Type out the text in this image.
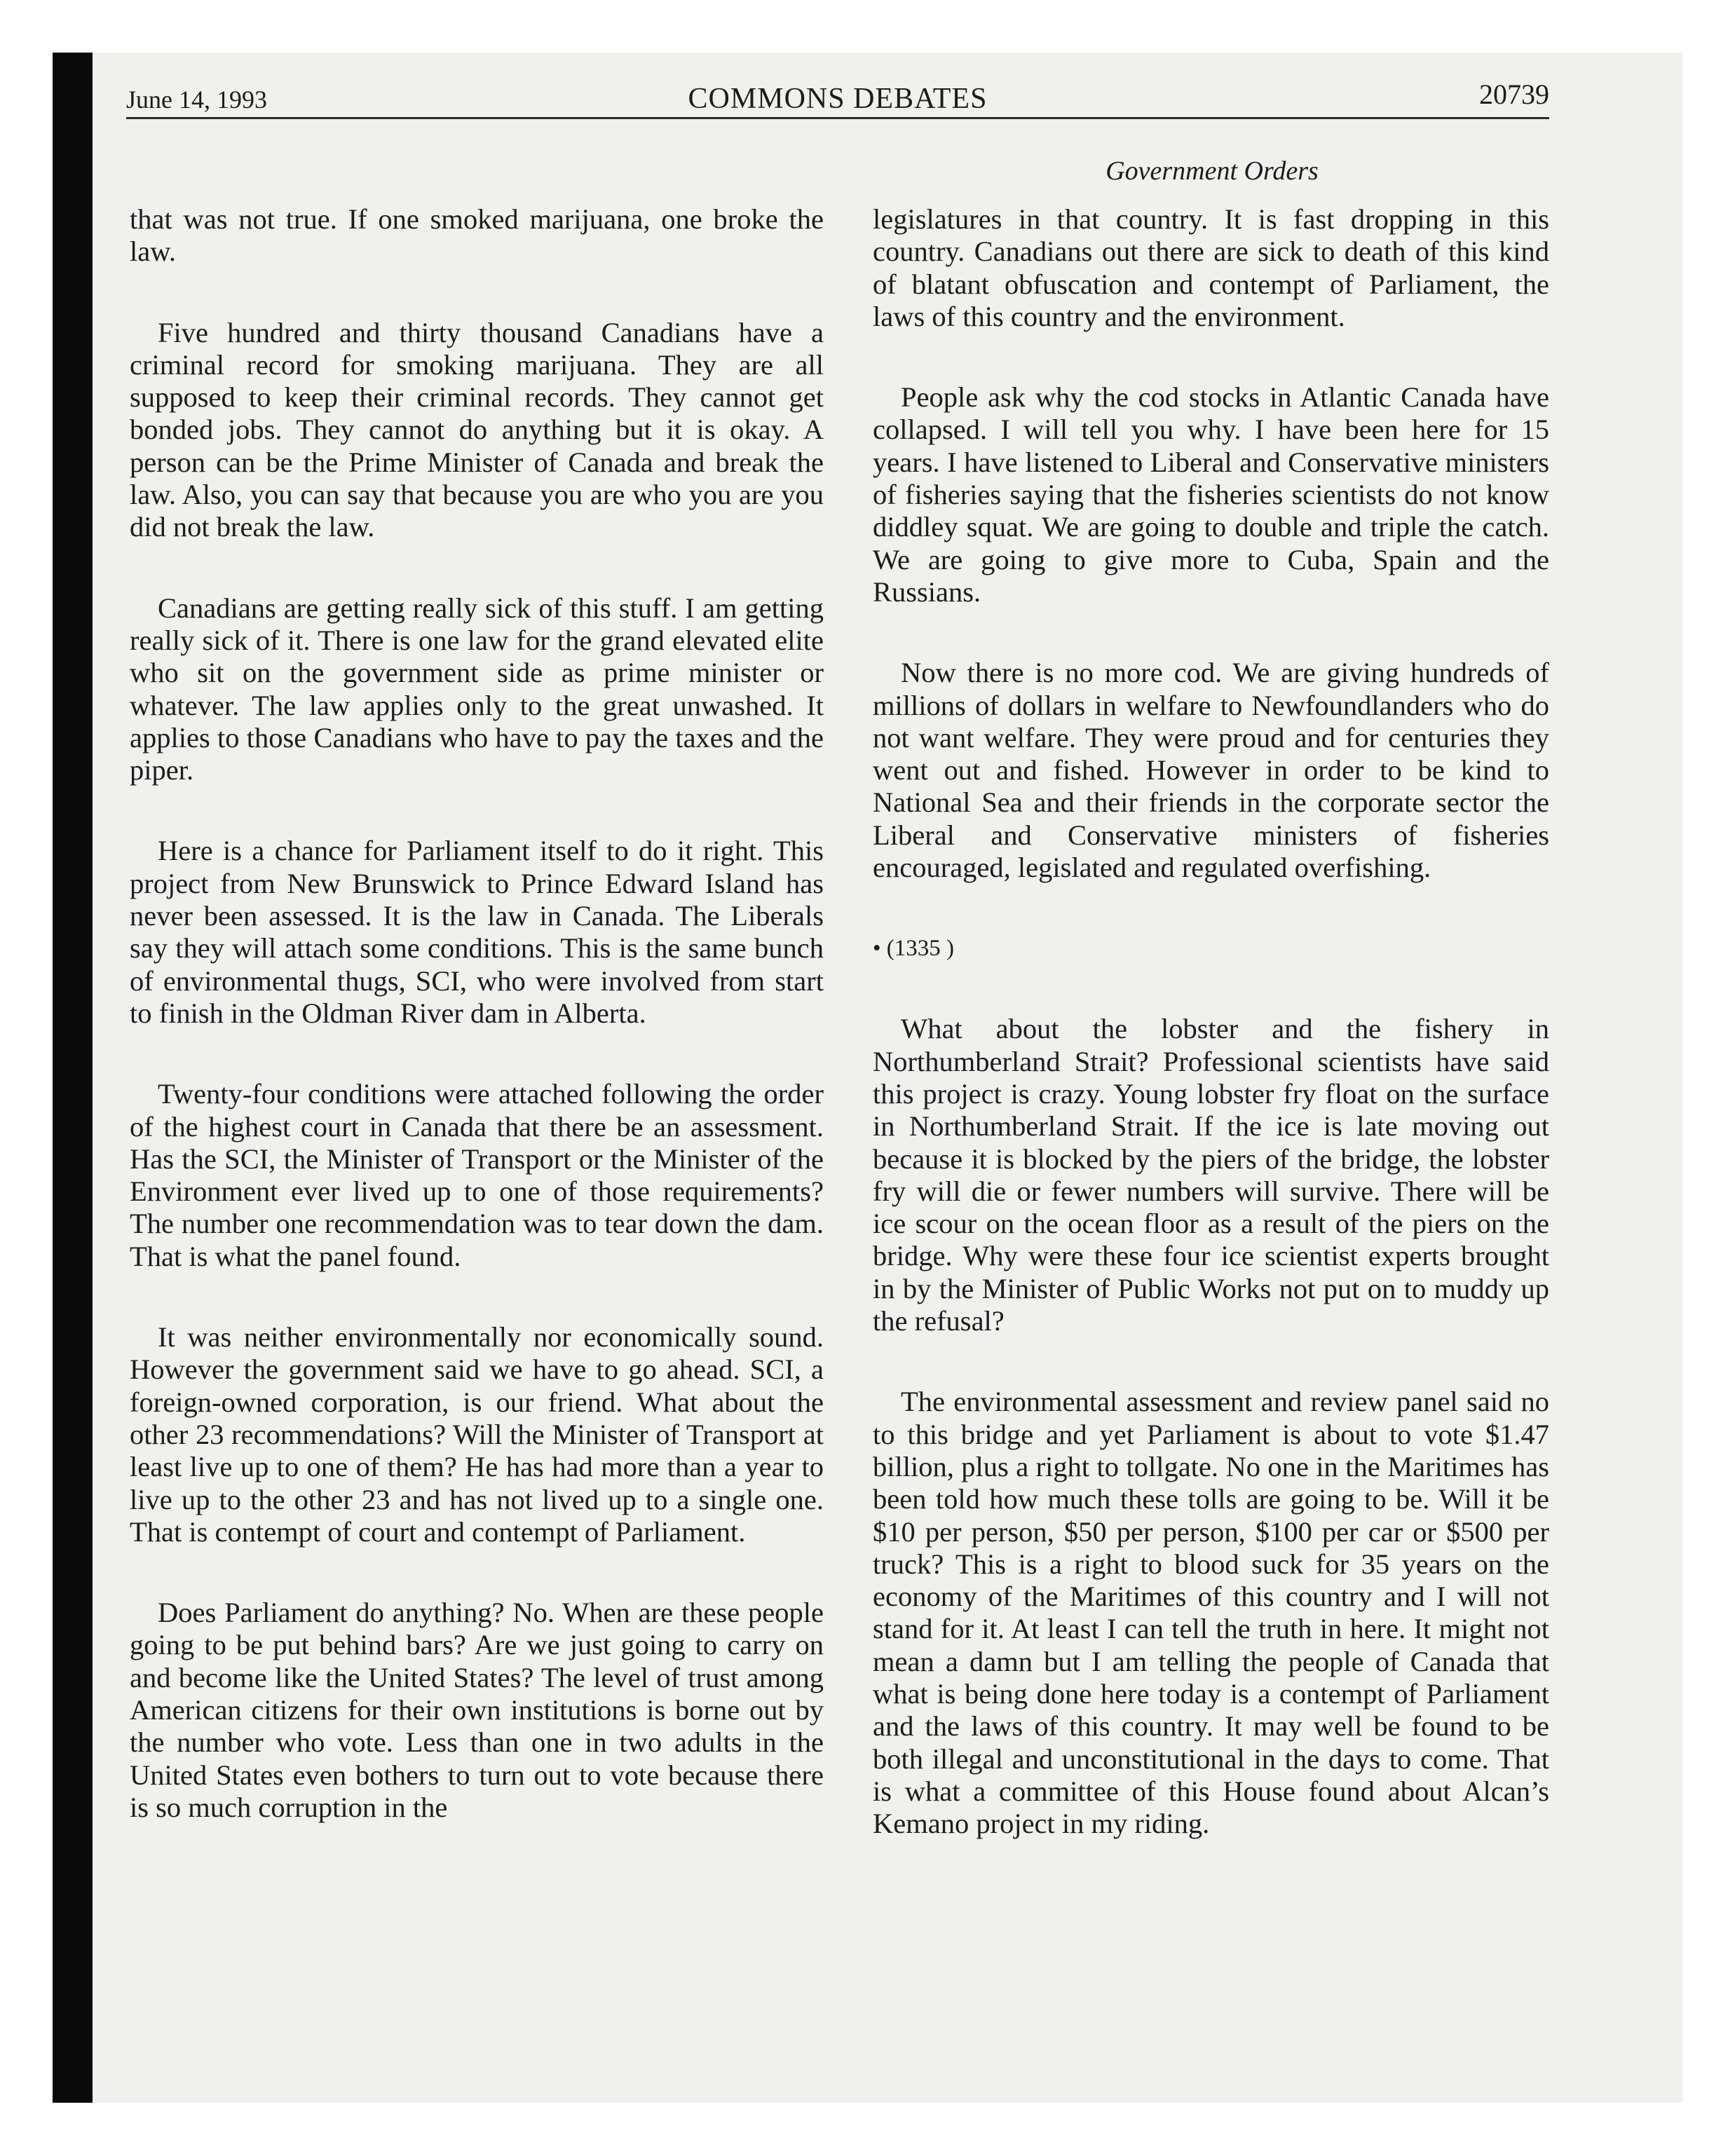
June 14, 1993	COMMONS DEBATES	20739
Government Orders

that was not true. If one smoked marijuana, one broke the law.

Five hundred and thirty thousand Canadians have a criminal record for smoking marijuana. They are all supposed to keep their criminal records. They cannot get bonded jobs. They cannot do anything but it is okay. A person can be the Prime Minister of Canada and break the law. Also, you can say that because you are who you are you did not break the law.

Canadians are getting really sick of this stuff. I am getting really sick of it. There is one law for the grand elevated elite who sit on the government side as prime minister or whatever. The law applies only to the great unwashed. It applies to those Canadians who have to pay the taxes and the piper.

Here is a chance for Parliament itself to do it right. This project from New Brunswick to Prince Edward Island has never been assessed. It is the law in Canada. The Liberals say they will attach some conditions. This is the same bunch of environmental thugs, SCI, who were involved from start to finish in the Oldman River dam in Alberta.

Twenty-four conditions were attached following the order of the highest court in Canada that there be an assessment. Has the SCI, the Minister of Transport or the Minister of the Environment ever lived up to one of those requirements? The number one recommendation was to tear down the dam. That is what the panel found.

It was neither environmentally nor economically sound. However the government said we have to go ahead. SCI, a foreign-owned corporation, is our friend. What about the other 23 recommendations? Will the Minister of Transport at least live up to one of them? He has had more than a year to live up to the other 23 and has not lived up to a single one. That is contempt of court and contempt of Parliament.

Does Parliament do anything? No. When are these people going to be put behind bars? Are we just going to carry on and become like the United States? The level of trust among American citizens for their own institutions is borne out by the number who vote. Less than one in two adults in the United States even bothers to turn out to vote because there is so much corruption in the

legislatures in that country. It is fast dropping in this country. Canadians out there are sick to death of this kind of blatant obfuscation and contempt of Parliament, the laws of this country and the environment.

People ask why the cod stocks in Atlantic Canada have collapsed. I will tell you why. I have been here for 15 years. I have listened to Liberal and Conservative ministers of fisheries saying that the fisheries scientists do not know diddley squat. We are going to double and triple the catch. We are going to give more to Cuba, Spain and the Russians.

Now there is no more cod. We are giving hundreds of millions of dollars in welfare to Newfoundlanders who do not want welfare. They were proud and for centuries they went out and fished. However in order to be kind to National Sea and their friends in the corporate sector the Liberal and Conservative ministers of fisheries encouraged, legislated and regulated overfishing.

• (1335 )

What about the lobster and the fishery in Northumberland Strait? Professional scientists have said this project is crazy. Young lobster fry float on the surface in Northumberland Strait. If the ice is late moving out because it is blocked by the piers of the bridge, the lobster fry will die or fewer numbers will survive. There will be ice scour on the ocean floor as a result of the piers on the bridge. Why were these four ice scientist experts brought in by the Minister of Public Works not put on to muddy up the refusal?

The environmental assessment and review panel said no to this bridge and yet Parliament is about to vote $1.47 billion, plus a right to tollgate. No one in the Maritimes has been told how much these tolls are going to be. Will it be $10 per person, $50 per person, $100 per car or $500 per truck? This is a right to blood suck for 35 years on the economy of the Maritimes of this country and I will not stand for it. At least I can tell the truth in here. It might not mean a damn but I am telling the people of Canada that what is being done here today is a contempt of Parliament and the laws of this country. It may well be found to be both illegal and unconstitutional in the days to come. That is what a committee of this House found about Alcan’s Kemano project in my riding.
